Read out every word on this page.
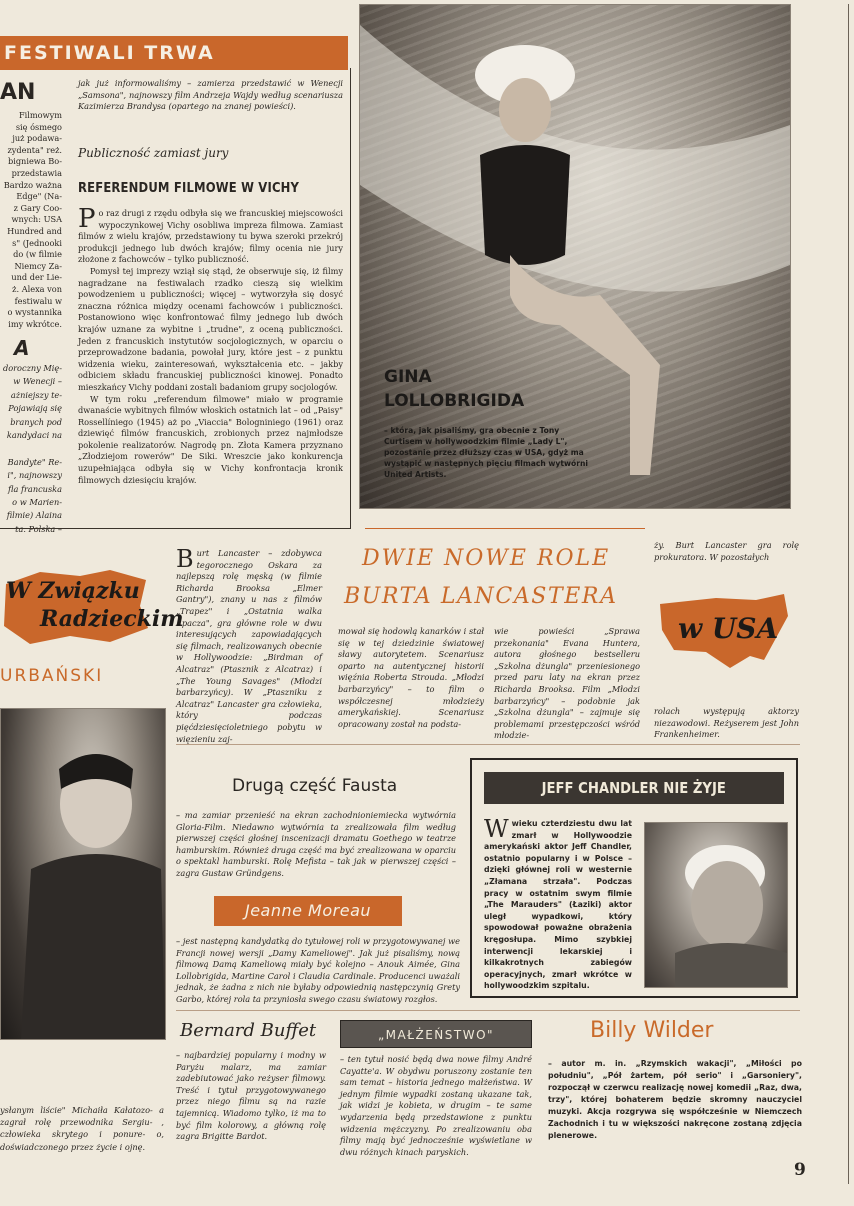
FESTIWALI TRWA
AN
Filmowym
się ósmego
już podawa-
zydenta" reż.
bigniewa Bo-
przedstawia
Bardzo ważna
Edge" (Na-
z Gary Coo-
wnych: USA
Hundred and
s" (Jednooki
do (w filmie
Niemcy Za-
und der Lie-
ż. Alexa von
festiwalu w
o wystannika
imy wkrótce.
A
doroczny Mię-
w Wenecji –
ażniejszy te-
Pojawiają się
branych pod
kandydaci na

Bandyte" Re-
i", najnowszy
fla francuska
o w Marien-
filmie) Alaina
jak już informowaliśmy – zamierza przedstawić w Wenecji „Samsona", najnowszy film Andrzeja Wajdy według scenariusza Kazimierza Brandysa (opartego na znanej powieści).
Publiczność zamiast jury
REFERENDUM FILMOWE W VICHY
P o raz drugi z rzędu odbyła się we francuskiej miejscowości wypoczynkowej Vichy osobliwa impreza filmowa. Zamiast filmów z wielu krajów, przedstawiony tu bywa szeroki przekrój produkcji jednego lub dwóch krajów; filmy ocenia nie jury złożone z fachowców – tylko publiczność.
Pomysł tej imprezy wziął się stąd, że obserwuje się, iż filmy nagradzane na festiwalach rzadko cieszą się wielkim powodzeniem u publiczności; więcej – wytworzyła się dosyć znaczna różnica między ocenami fachowców i publiczności. Postanowiono więc konfrontować filmy jednego lub dwóch krajów uznane za wybitne i „trudne", z oceną publiczności. Jeden z francuskich instytutów socjologicznych, w oparciu o przeprowadzone badania, powołał jury, które jest – z punktu widzenia wieku, zainteresowań, wykształcenia etc. – jakby odbiciem składu francuskiej publiczności kinowej. Ponadto mieszkańcy Vichy poddani zostali badaniom grupy socjologów.
W tym roku „referendum filmowe" miało w programie dwanaście wybitnych filmów włoskich ostatnich lat – od „Paisy" Rossellíniego (1945) aż po „Viaccia" Bologniniego (1961) oraz dziewięć filmów francuskich, zrobionych przez najmłodsze pokolenie realizatorów. Nagrodę pn. Złota Kamera przyznano „Złodziejom rowerów" De Siki. Wreszcie jako konkurencja uzupełniająca odbyła się w Vichy konfrontacja kronik filmowych dziesięciu krajów.
GINA
LOLLOBRIGIDA
– która, jak pisaliśmy, gra obecnie z Tony Curtisem w hollywoodzkim filmie „Lady L", pozostanie przez dłuższy czas w USA, gdyż ma wystąpić w następnych pięciu filmach wytwórni United Artists.
W Związku
Radzieckim
URBAŃSKI
ysłanym liście" Michaiła Kałatozo- a zagrał rolę przewodnika Sergiu- , człowieka skrytego i ponure- o, doświadczonego przez życie i ojnę.
B urt Lancaster – zdobywca tegorocznego Oskara za najlepszą rolę męską (w filmie Richarda Brooksa „Elmer Gantry"), znany u nas z filmów „Trapez" i „Ostatnia walka Apacza", gra główne role w dwu interesujących zapowiadających się filmach, realizowanych obecnie w Hollywoodzie: „Birdman of Alcatraz" (Ptasznik z Alcatraz) i „The Young Savages" (Młodzi barbarzyńcy). W „Ptaszniku z Alcatraz" Lancaster gra człowieka, który podczas pięćdziesięcioletniego pobytu w więzieniu zaj-
DWIE NOWE ROLE
BURTA LANCASTERA
mował się hodowlą kanarków i stał się w tej dziedzinie światowej sławy autorytetem. Scenariusz oparto na autentycznej historii więźnia Roberta Strouda. „Młodzi barbarzyńcy" – to film o współczesnej młodzieży amerykańskiej. Scenariusz opracowany został na podsta-
wie powieści „Sprawa przekonania" Evana Huntera, autora głośnego bestselleru „Szkolna dżungla" przeniesionego przed paru laty na ekran przez Richarda Brooksa. Film „Młodzi barbarzyńcy" – podobnie jak „Szkolna dżungla" – zajmuje się problemami przestępczości wśród młodzie-
ży. Burt Lancaster gra rolę prokuratora. W pozostałych
w USA
rolach występują aktorzy niezawodowi. Reżyserem jest John Frankenheimer.
Drugą część Fausta
– ma zamiar przenieść na ekran zachodnioniemiecka wytwórnia Gloria-Film. Niedawno wytwórnia ta zrealizowała film według pierwszej części głośnej inscenizacji dramatu Goethego w teatrze hamburskim. Również druga część ma być zrealizowana w oparciu o spektakl hamburski. Rolę Mefista – tak jak w pierwszej części – zagra Gustaw Gründgens.
Jeanne Moreau
– jest następną kandydatką do tytułowej roli w przygotowywanej we Francji nowej wersji „Damy Kameliowej". Jak już pisaliśmy, nową filmową Damą Kameliową miały być kolejno – Anouk Aimée, Gina Lollobrigida, Martine Carol i Claudia Cardinale. Producenci uważali jednak, że żadna z nich nie byłaby odpowiednią następczynią Grety Garbo, której rola ta przyniosła swego czasu światowy rozgłos.
JEFF CHANDLER NIE ŻYJE
W wieku czterdziestu dwu lat zmarł w Hollywoodzie amerykański aktor Jeff Chandler, ostatnio popularny i w Polsce – dzięki głównej roli w westernie „Złamana strzała". Podczas pracy w ostatnim swym filmie „The Marauders" (Łaziki) aktor uległ wypadkowi, który spowodował poważne obrażenia kręgosłupa. Mimo szybkiej interwencji lekarskiej i kilkakrotnych zabiegów operacyjnych, zmarł wkrótce w hollywoodzkim szpitalu.
Bernard Buffet
– najbardziej popularny i modny w Paryżu malarz, ma zamiar zadebiutować jako reżyser filmowy. Treść i tytuł przygotowywanego przez niego filmu są na razie tajemnicą. Wiadomo tylko, iż ma to być film kolorowy, a główną rolę zagra Brigitte Bardot.
„MAŁŻEŃSTWO"
– ten tytuł nosić będą dwa nowe filmy André Cayatte'a. W obydwu poruszony zostanie ten sam temat – historia jednego małżeństwa. W jednym filmie wypadki zostaną ukazane tak, jak widzi je kobieta, w drugim – te same wydarzenia będą przedstawione z punktu widzenia mężczyzny. Po zrealizowaniu oba filmy mają być jednocześnie wyświetlane w dwu różnych kinach paryskich.
Billy Wilder
– autor m. in. „Rzymskich wakacji", „Miłości po południu", „Pół żartem, pół serio" i „Garsoniery", rozpoczął w czerwcu realizację nowej komedii „Raz, dwa, trzy", której bohaterem będzie skromny nauczyciel muzyki. Akcja rozgrywa się współcześnie w Niemczech Zachodnich i tu w większości nakręcone zostaną zdjęcia plenerowe.
9
